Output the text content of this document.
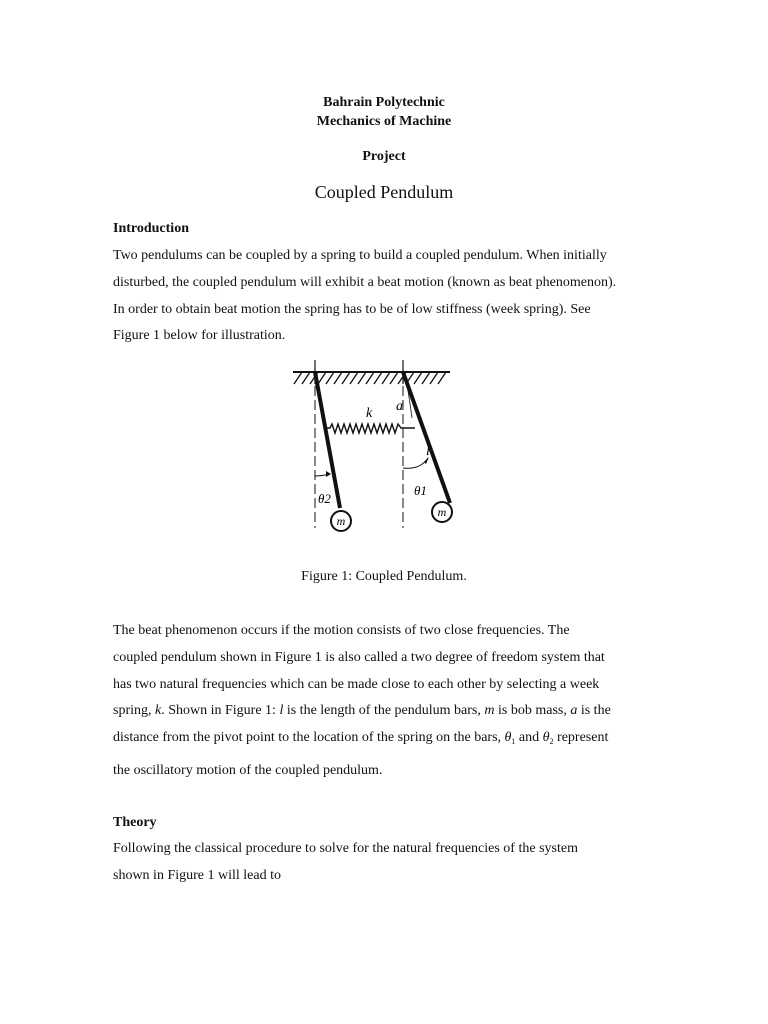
Bahrain Polytechnic
Mechanics of Machine
Project
Coupled Pendulum
Introduction
Two pendulums can be coupled by a spring to build a coupled pendulum. When initially
disturbed, the coupled pendulum will exhibit a beat motion (known as beat phenomenon).
In order to obtain beat motion the spring has to be of low stiffness (week spring). See
Figure 1 below for illustration.
k a
l
θ1
θ2
m
m
Figure 1: Coupled Pendulum.
The beat phenomenon occurs if the motion consists of two close frequencies. The
coupled pendulum shown in Figure 1 is also called a two degree of freedom system that
has two natural frequencies which can be made close to each other by selecting a week
spring, k. Shown in Figure 1: l is the length of the pendulum bars, m is bob mass, a is the
distance from the pivot point to the location of the spring on the bars, $\theta_1$ and $\theta_2$ represent
the oscillatory motion of the coupled pendulum.
Theory
Following the classical procedure to solve for the natural frequencies of the system
shown in Figure 1 will lead to
